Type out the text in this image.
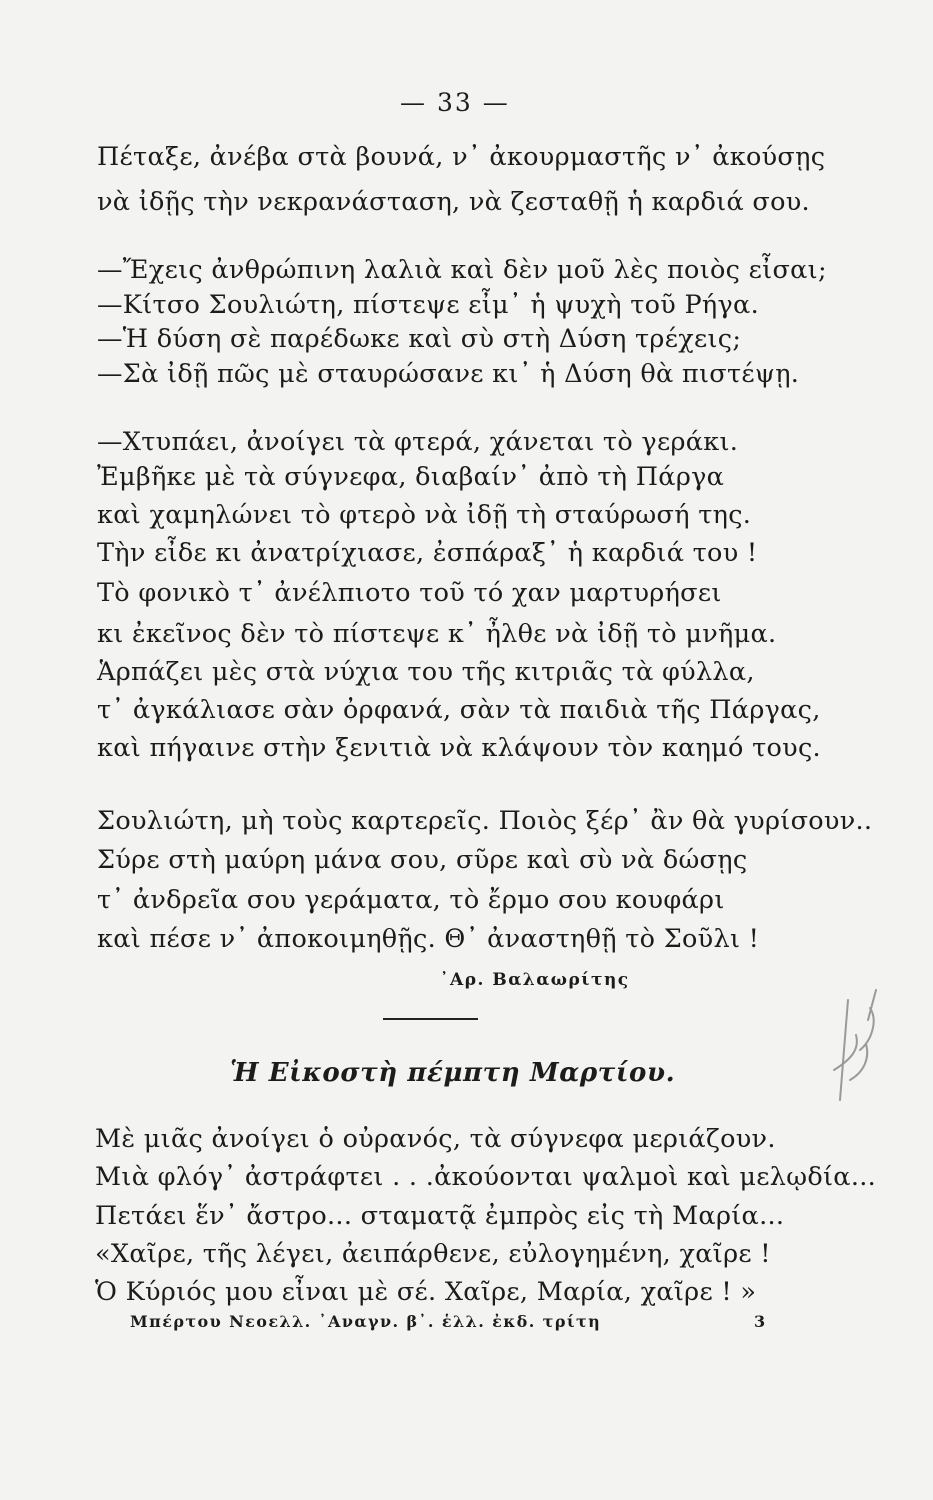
— 33 —
Πέταξε, ἀνέβα στὰ βουνά, ν᾽ ἀκουρμαστῆς ν᾽ ἀκούσῃς
νὰ ἰδῇς τὴν νεκρανάσταση, νὰ ζεσταθῇ ἡ καρδιά σου.
—Ἔχεις ἀνθρώπινη λαλιὰ καὶ δὲν μοῦ λὲς ποιὸς εἶσαι;
—Κίτσο Σουλιώτη, πίστεψε εἶμ᾽ ἡ ψυχὴ τοῦ Ρήγα.
—Ἡ δύση σὲ παρέδωκε καὶ σὺ στὴ Δύση τρέχεις;
—Σὰ ἰδῇ πῶς μὲ σταυρώσανε κι᾽ ἡ Δύση θὰ πιστέψῃ.
—Χτυπάει, ἀνοίγει τὰ φτερά, χάνεται τὸ γεράκι.
Ἐμβῆκε μὲ τὰ σύγνεφα, διαβαίν᾽ ἀπὸ τὴ Πάργα
καὶ χαμηλώνει τὸ φτερὸ νὰ ἰδῇ τὴ σταύρωσή της.
Τὴν εἶδε κι ἀνατρίχιασε, ἐσπάραξ᾽ ἡ καρδιά του !
Τὸ φονικὸ τ᾽ ἀνέλπιοτο τοῦ τό χαν μαρτυρήσει
κι ἐκεῖνος δὲν τὸ πίστεψε κ᾽ ἦλθε νὰ ἰδῇ τὸ μνῆμα.
Ἁρπάζει μὲς στὰ νύχια του τῆς κιτριᾶς τὰ φύλλα,
τ᾽ ἀγκάλιασε σὰν ὀρφανά, σὰν τὰ παιδιὰ τῆς Πάργας,
καὶ πήγαινε στὴν ξενιτιὰ νὰ κλάψουν τὸν καημό τους.
Σουλιώτη, μὴ τοὺς καρτερεῖς. Ποιὸς ξέρ᾽ ἂν θὰ γυρίσουν..
Σύρε στὴ μαύρη μάνα σου, σῦρε καὶ σὺ νὰ δώσῃς
τ᾽ ἀνδρεῖα σου γεράματα, τὸ ἔρμο σου κουφάρι
καὶ πέσε ν᾽ ἀποκοιμηθῇς. Θ᾽ ἀναστηθῇ τὸ Σοῦλι !
᾽Αρ. Βαλαωρίτης
Ἡ Εἰκοστὴ πέμπτη Μαρτίου.
Μὲ μιᾶς ἀνοίγει ὁ οὐρανός, τὰ σύγνεφα μεριάζουν.
Μιὰ φλόγ᾽ ἀστράφτει . . .ἀκούονται ψαλμοὶ καὶ μελῳδία...
Πετάει ἕν᾽ ἄστρο... σταματᾷ ἐμπρὸς εἰς τὴ Μαρία...
«Χαῖρε, τῆς λέγει, ἀειπάρθενε, εὐλογημένη, χαῖρε !
Ὁ Κύριός μου εἶναι μὲ σέ. Χαῖρε, Μαρία, χαῖρε ! »
Μπέρτου Νεοελλ. ᾽Αναγν. β᾽. ἑλλ. ἐκδ. τρίτη	3
